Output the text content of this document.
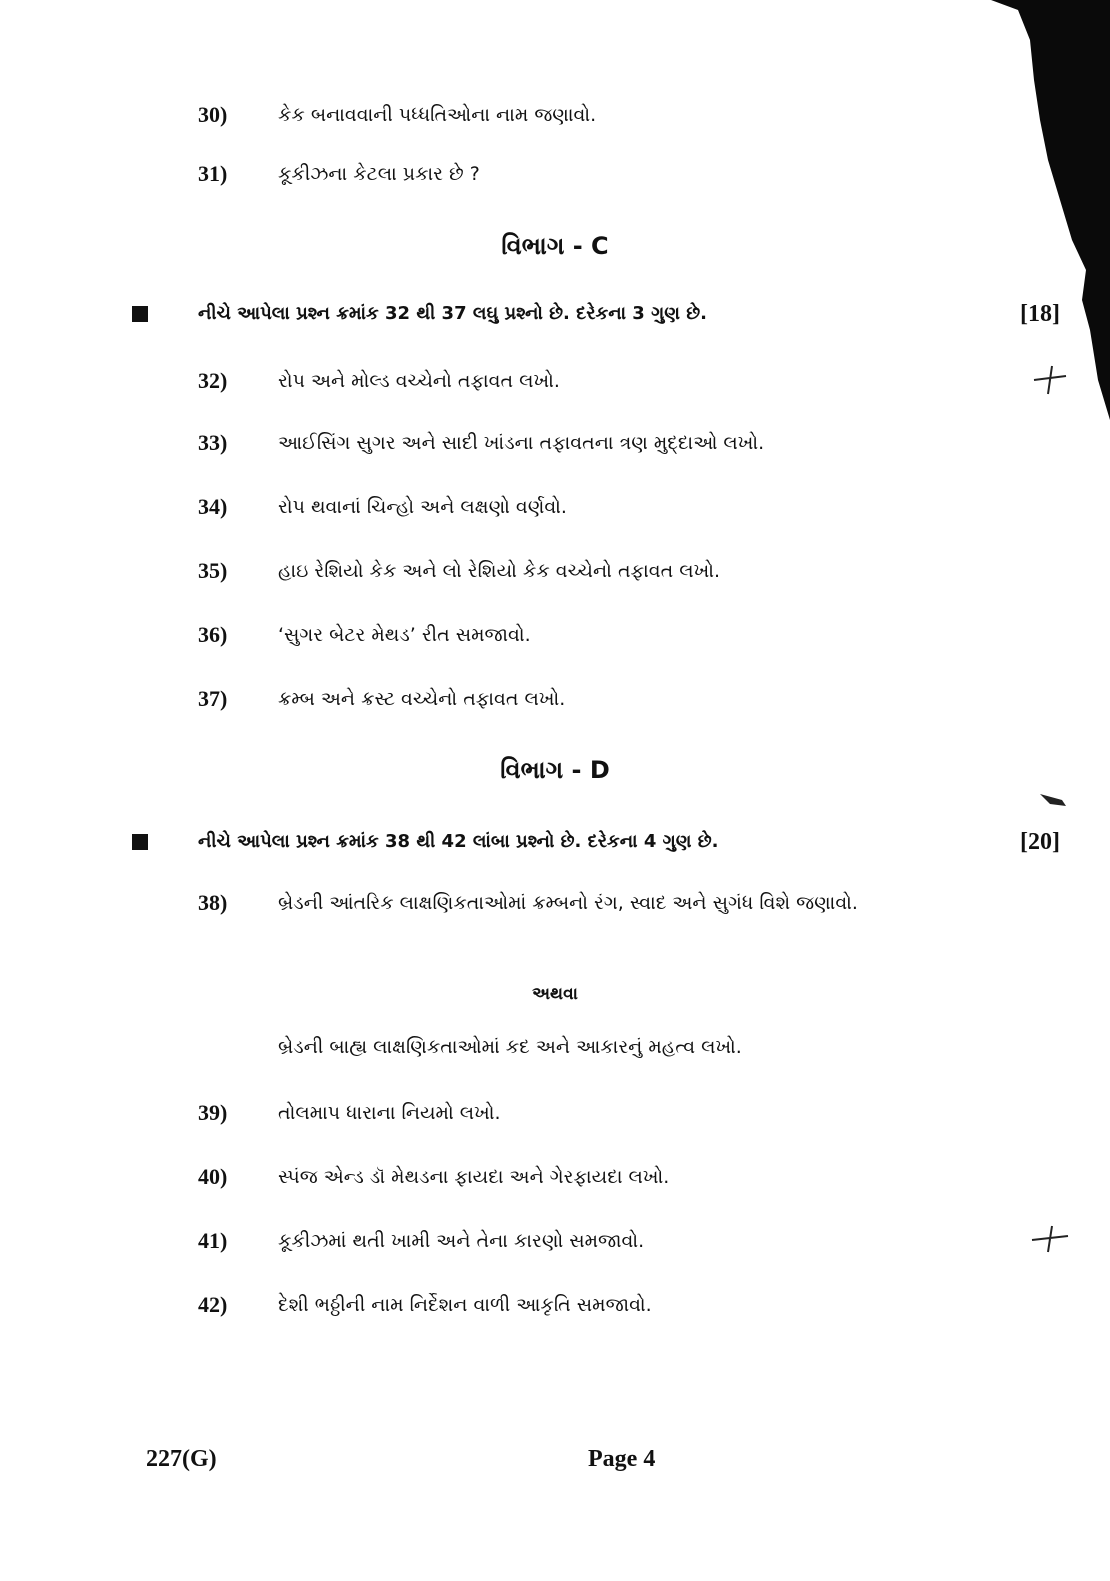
30)	કેક બનાવવાની પધ્ધતિઓના નામ જણાવો.
31)	કૂકીઝના કેટલા પ્રકાર છે ?
વિભાગ - C
નીચે આપેલા પ્રશ્ન ક્રમાંક 32 થી 37 લઘુ પ્રશ્નો છે. દરેકના 3 ગુણ છે.	[18]
32)	રોપ અને મોલ્ડ વચ્ચેનો તફાવત લખો.
33)	આઈસિંગ સુગર અને સાદી ખાંડના તફાવતના ત્રણ મુદ્દાઓ લખો.
34)	રોપ થવાનાં ચિન્હો અને લક્ષણો વર્ણવો.
35)	હાઇ રેશિયો કેક અને લો રેશિયો કેક વચ્ચેનો તફાવત લખો.
36)	‘સુગર બેટર મેથડ’ રીત સમજાવો.
37)	ક્રમ્બ અને ક્રસ્ટ વચ્ચેનો તફાવત લખો.
વિભાગ - D
નીચે આપેલા પ્રશ્ન ક્રમાંક 38 થી 42 લાંબા પ્રશ્નો છે. દરેકના 4 ગુણ છે.	[20]
38)	બ્રેડની આંતરિક લાક્ષણિકતાઓમાં ક્રમ્બનો રંગ, સ્વાદ અને સુગંધ વિશે જણાવો.
અથવા
બ્રેડની બાહ્ય લાક્ષણિકતાઓમાં કદ અને આકારનું મહત્વ લખો.
39)	તોલમાપ ધારાના નિયમો લખો.
40)	સ્પંજ એન્ડ ડૉ મેથડના ફાયદા અને ગેરફાયદા લખો.
41)	કૂકીઝમાં થતી ખામી અને તેના કારણો સમજાવો.
42)	દેશી ભઠ્ઠીની નામ નિર્દેશન વાળી આકૃતિ સમજાવો.
227(G)	Page 4
